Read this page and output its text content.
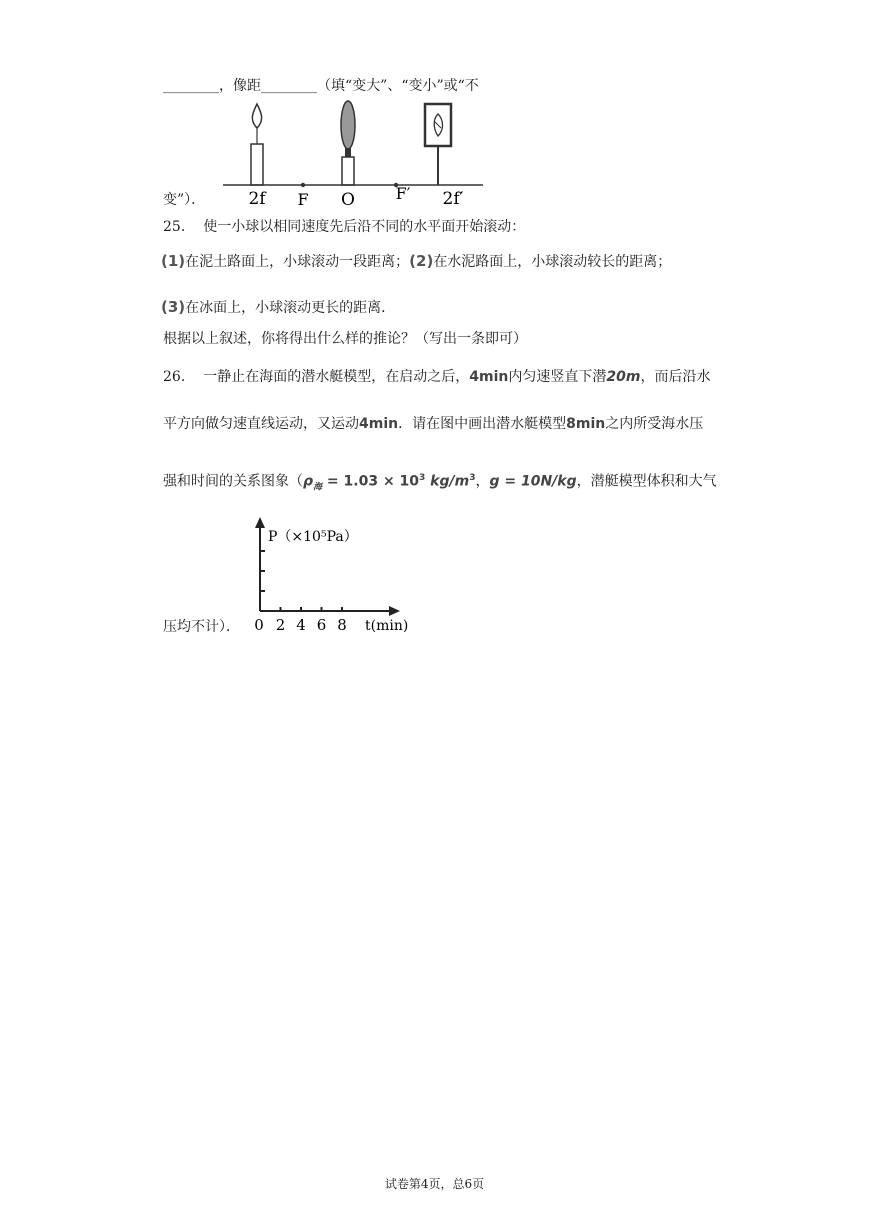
________，像距________（填“变大”、“变小”或“不
2f F O	F′ 2f′
变”）．
25. 使一小球以相同速度先后沿不同的水平面开始滚动：
(1)在泥土路面上，小球滚动一段距离；(2)在水泥路面上，小球滚动较长的距离；
(3)在冰面上，小球滚动更长的距离．
根据以上叙述，你将得出什么样的推论？（写出一条即可）
26. 一静止在海面的潜水艇模型，在启动之后，4min内匀速竖直下潜20m，而后沿水
平方向做匀速直线运动，又运动4min．请在图中画出潜水艇模型8min之内所受海水压
强和时间的关系图象（$\rho_海 = 1.03 \times 10^3$ $kg/m^3$，g = 10N/kg，潜艇模型体积和大气
0 2 4 6 8
P（×10⁵Pa）
t(min)
压均不计）．
试卷第4页，总6页
